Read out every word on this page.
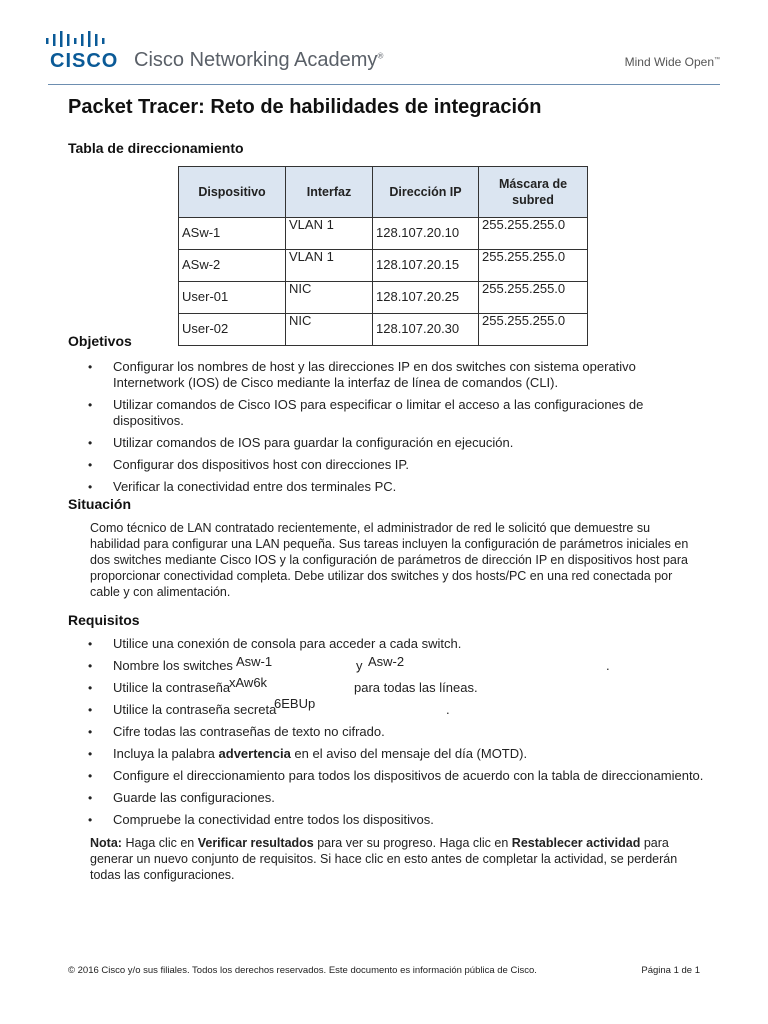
CISCO Cisco Networking Academy®	Mind Wide Open™
Packet Tracer: Reto de habilidades de integración
Tabla de direccionamiento
Dispositivo	Interfaz	Dirección IP	Máscara de subred
ASw-1	VLAN 1	128.107.20.10	255.255.255.0
ASw-2	VLAN 1	128.107.20.15	255.255.255.0
User-01	NIC	128.107.20.25	255.255.255.0
User-02	NIC	128.107.20.30	255.255.255.0
Objetivos
• Configurar los nombres de host y las direcciones IP en dos switches con sistema operativo Internetwork (IOS) de Cisco mediante la interfaz de línea de comandos (CLI).
• Utilizar comandos de Cisco IOS para especificar o limitar el acceso a las configuraciones de dispositivos.
• Utilizar comandos de IOS para guardar la configuración en ejecución.
• Configurar dos dispositivos host con direcciones IP.
• Verificar la conectividad entre dos terminales PC.
Situación
Como técnico de LAN contratado recientemente, el administrador de red le solicitó que demuestre su habilidad para configurar una LAN pequeña. Sus tareas incluyen la configuración de parámetros iniciales en dos switches mediante Cisco IOS y la configuración de parámetros de dirección IP en dispositivos host para proporcionar conectividad completa. Debe utilizar dos switches y dos hosts/PC en una red conectada por cable y con alimentación.
Requisitos
• Utilice una conexión de consola para acceder a cada switch.
• Nombre los switches Asw-1	y Asw-2	.
• Utilice la contraseña
xAw6k	para todas las líneas.
• Utilice la contraseña secreta
6EBUp	.
• Cifre todas las contraseñas de texto no cifrado.
• Incluya la palabra advertencia en el aviso del mensaje del día (MOTD).
• Configure el direccionamiento para todos los dispositivos de acuerdo con la tabla de direccionamiento.
• Guarde las configuraciones.
• Compruebe la conectividad entre todos los dispositivos.
Nota: Haga clic en Verificar resultados para ver su progreso. Haga clic en Restablecer actividad para generar un nuevo conjunto de requisitos. Si hace clic en esto antes de completar la actividad, se perderán todas las configuraciones.
© 2016 Cisco y/o sus filiales. Todos los derechos reservados. Este documento es información pública de Cisco.	Página 1 de 1
